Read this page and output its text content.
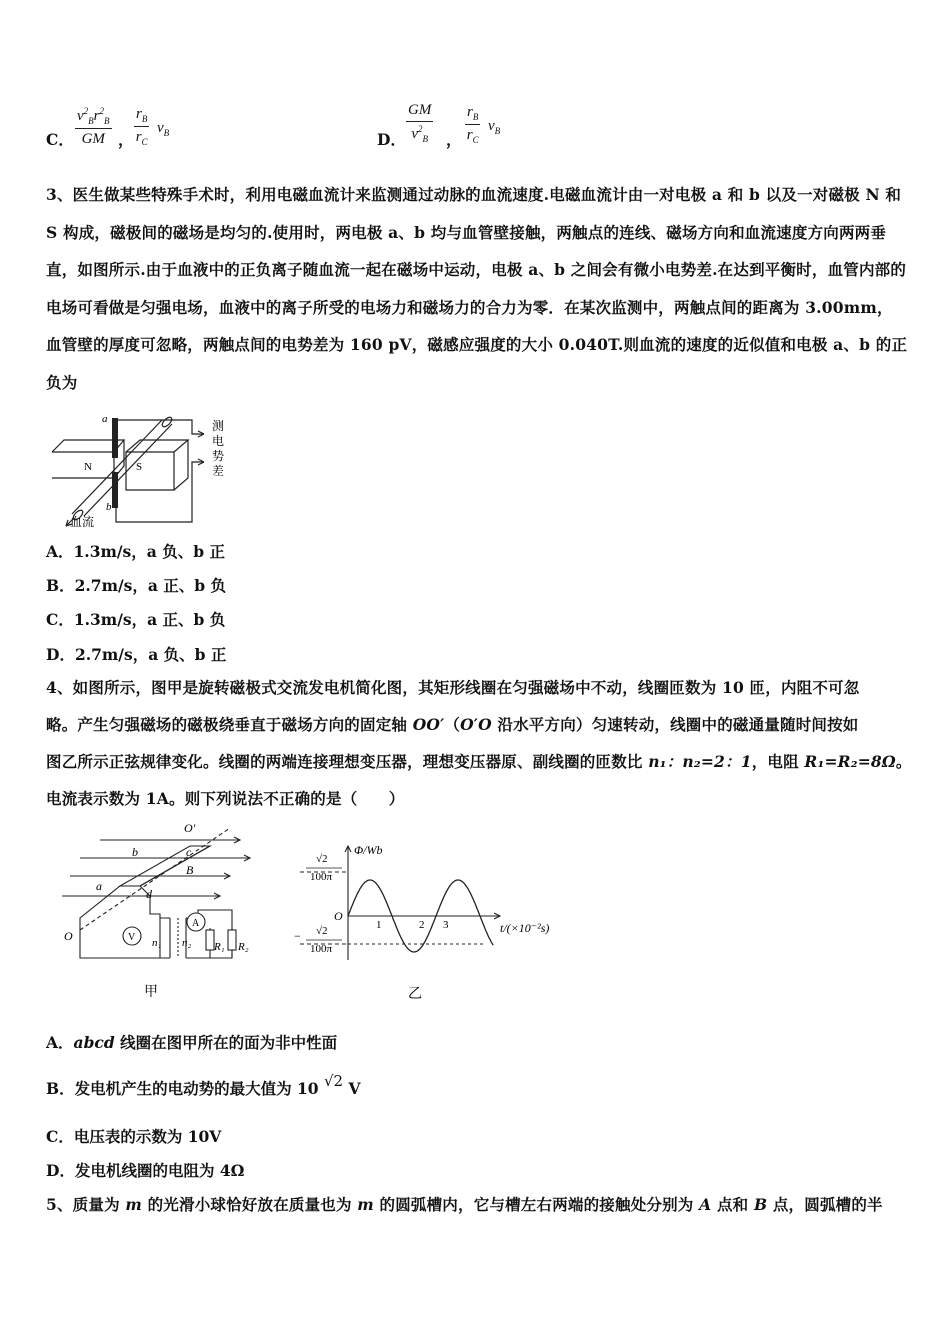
C． $\frac{v^2_Br^2_B}{GM}$ ， $\frac{r_B}{r_C} v_B$	D． $\frac{GM}{v^2_B}$ ， $\frac{r_B}{r_C} v_B$
3、医生做某些特殊手术时，利用电磁血流计来监测通过动脉的血流速度.电磁血流计由一对电极 a 和 b 以及一对磁极 N 和 S 构成，磁极间的磁场是均匀的.使用时，两电极 a、b 均与血管壁接触，两触点的连线、磁场方向和血流速度方向两两垂直，如图所示.由于血液中的正负离子随血流一起在磁场中运动，电极 a、b 之间会有微小电势差.在达到平衡时，血管内部的电场可看做是匀强电场，血液中的离子所受的电场力和磁场力的合力为零．在某次监测中，两触点间的距离为 3.00mm，血管壁的厚度可忽略，两触点间的电势差为 160 pV，磁感应强度的大小 0.040T.则血流的速度的近似值和电极 a、b 的正负为
a
b
N	S
血流
测
电
势
差
A．1.3m/s，a 负、b 正
B．2.7m/s，a 正、b 负
C．1.3m/s，a 正、b 负
D．2.7m/s，a 负、b 正
4、如图所示，图甲是旋转磁极式交流发电机简化图，其矩形线圈在匀强磁场中不动，线圈匝数为 10 匝，内阻不可忽
略。产生匀强磁场的磁极绕垂直于磁场方向的固定轴 OO′（O′O 沿水平方向）匀速转动，线圈中的磁通量随时间按如
图乙所示正弦规律变化。线圈的两端连接理想变压器，理想变压器原、副线圈的匝数比 n₁：n₂=2：1，电阻 R₁=R₂=8Ω。
电流表示数为 1A。则下列说法不正确的是（　　）
O′
O
a
b	c
d
B
V
A
n₁ n₂ R₁ R₂
甲
Φ/Wb
t/(×10⁻²s)
O
1	2 3
√2
100π
− √2
100π
乙
A．abcd 线圈在图甲所在的面为非中性面
B．发电机产生的电动势的最大值为 10 √2 V
C．电压表的示数为 10V
D．发电机线圈的电阻为 4Ω
5、质量为 m 的光滑小球恰好放在质量也为 m 的圆弧槽内，它与槽左右两端的接触处分别为 A 点和 B 点，圆弧槽的半
